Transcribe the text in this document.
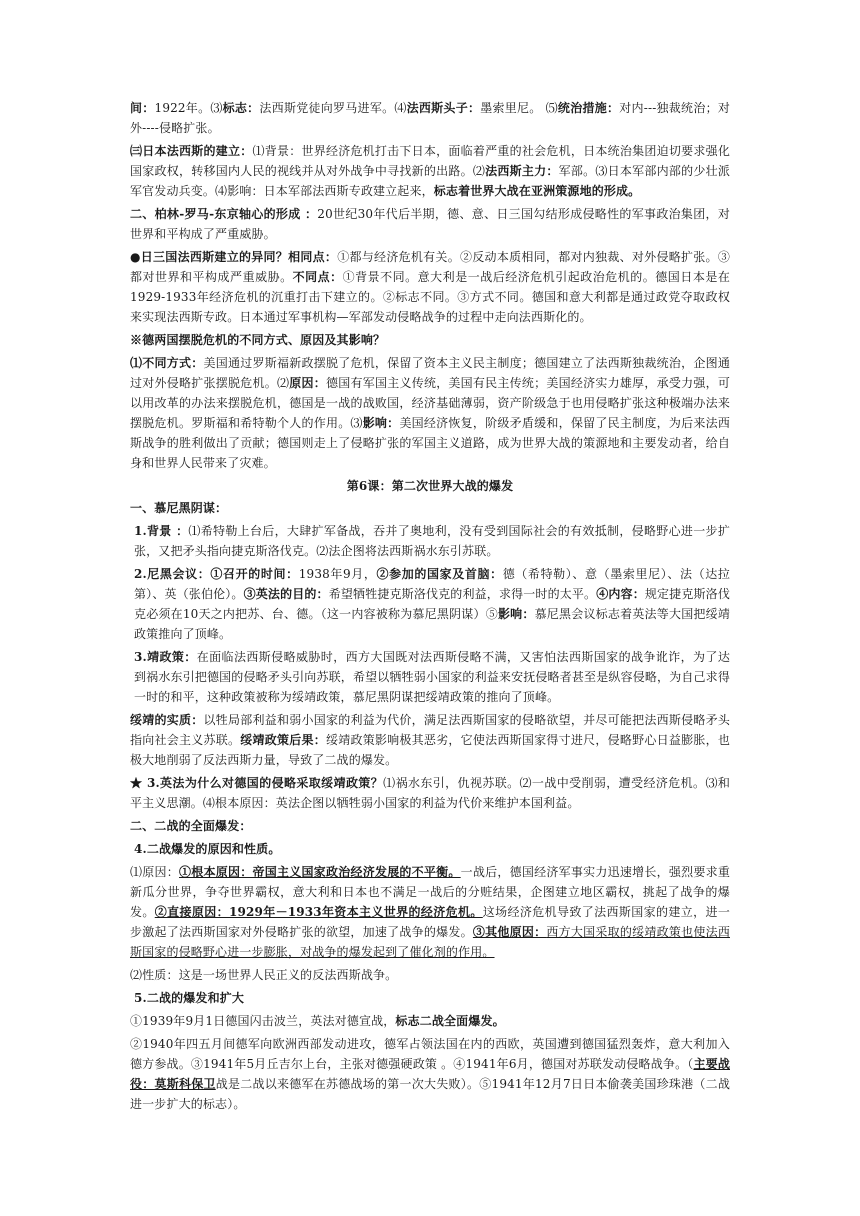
间：1922年。⑶标志：法西斯党徒向罗马进军。⑷法西斯头子：墨索里尼。 ⑸统治措施：对内---独裁统治；对外----侵略扩张。

㈢日本法西斯的建立：⑴背景：世界经济危机打击下日本，面临着严重的社会危机，日本统治集团迫切要求强化国家政权，转移国内人民的视线并从对外战争中寻找新的出路。⑵法西斯主力：军部。⑶日本军部内部的少壮派军官发动兵变。⑷影响：日本军部法西斯专政建立起来，标志着世界大战在亚洲策源地的形成。

二、柏林-罗马-东京轴心的形成 ：20世纪30年代后半期，德、意、日三国勾结形成侵略性的军事政治集团，对世界和平构成了严重威胁。

●日三国法西斯建立的异同？相同点：①都与经济危机有关。②反动本质相同，都对内独裁、对外侵略扩张。③都对世界和平构成严重威胁。不同点：①背景不同。意大利是一战后经济危机引起政治危机的。德国日本是在1929-1933年经济危机的沉重打击下建立的。②标志不同。③方式不同。德国和意大利都是通过政党夺取政权来实现法西斯专政。日本通过军事机构—军部发动侵略战争的过程中走向法西斯化的。

※德两国摆脱危机的不同方式、原因及其影响？

⑴不同方式：美国通过罗斯福新政摆脱了危机，保留了资本主义民主制度；德国建立了法西斯独裁统治，企图通过对外侵略扩张摆脱危机。⑵原因：德国有军国主义传统，美国有民主传统；美国经济实力雄厚，承受力强，可以用改革的办法来摆脱危机，德国是一战的战败国，经济基础薄弱，资产阶级急于也用侵略扩张这种极端办法来摆脱危机。罗斯福和希特勒个人的作用。⑶影响：美国经济恢复，阶级矛盾缓和，保留了民主制度，为后来法西斯战争的胜利做出了贡献；德国则走上了侵略扩张的军国主义道路，成为世界大战的策源地和主要发动者，给自身和世界人民带来了灾难。

第6课：第二次世界大战的爆发

一、慕尼黑阴谋：

1.背景 ：⑴希特勒上台后，大肆扩军备战，吞并了奥地利，没有受到国际社会的有效抵制，侵略野心进一步扩张，又把矛头指向捷克斯洛伐克。⑵法企图将法西斯祸水东引苏联。

2.尼黑会议：①召开的时间：1938年9月，②参加的国家及首脑：德（希特勒）、意（墨索里尼）、法（达拉第）、英（张伯伦）。③英法的目的：希望牺牲捷克斯洛伐克的利益，求得一时的太平。④内容：规定捷克斯洛伐克必须在10天之内把苏、台、德。（这一内容被称为慕尼黑阴谋）⑤影响：慕尼黑会议标志着英法等大国把绥靖政策推向了顶峰。

3.靖政策：在面临法西斯侵略威胁时，西方大国既对法西斯侵略不满，又害怕法西斯国家的战争讹诈，为了达到祸水东引把德国的侵略矛头引向苏联，希望以牺牲弱小国家的利益来安抚侵略者甚至是纵容侵略，为自己求得一时的和平，这种政策被称为绥靖政策，慕尼黑阴谋把绥靖政策的推向了顶峰。

绥靖的实质：以牲局部利益和弱小国家的利益为代价，满足法西斯国家的侵略欲望，并尽可能把法西斯侵略矛头指向社会主义苏联。绥靖政策后果：绥靖政策影响极其恶劣，它使法西斯国家得寸进尺，侵略野心日益膨胀，也极大地削弱了反法西斯力量，导致了二战的爆发。

★ 3.英法为什么对德国的侵略采取绥靖政策？⑴祸水东引，仇视苏联。⑵一战中受削弱，遭受经济危机。⑶和平主义思潮。⑷根本原因：英法企图以牺牲弱小国家的利益为代价来维护本国利益。

二、二战的全面爆发：

4.二战爆发的原因和性质。

⑴原因：①根本原因：帝国主义国家政治经济发展的不平衡。一战后，德国经济军事实力迅速增长，强烈要求重新瓜分世界，争夺世界霸权，意大利和日本也不满足一战后的分赃结果，企图建立地区霸权，挑起了战争的爆发。②直接原因：1929年－1933年资本主义世界的经济危机。这场经济危机导致了法西斯国家的建立，进一步激起了法西斯国家对外侵略扩张的欲望，加速了战争的爆发。③其他原因：西方大国采取的绥靖政策也使法西斯国家的侵略野心进一步膨胀，对战争的爆发起到了催化剂的作用。

⑵性质：这是一场世界人民正义的反法西斯战争。

5.二战的爆发和扩大

①1939年9月1日德国闪击波兰，英法对德宣战，标志二战全面爆发。

②1940年四五月间德军向欧洲西部发动进攻，德军占领法国在内的西欧，英国遭到德国猛烈轰炸，意大利加入德方参战。③1941年5月丘吉尔上台，主张对德强硬政策 。④1941年6月，德国对苏联发动侵略战争。（主要战役：莫斯科保卫战是二战以来德军在苏德战场的第一次大失败）。⑤1941年12月7日日本偷袭美国珍珠港（二战进一步扩大的标志）。
